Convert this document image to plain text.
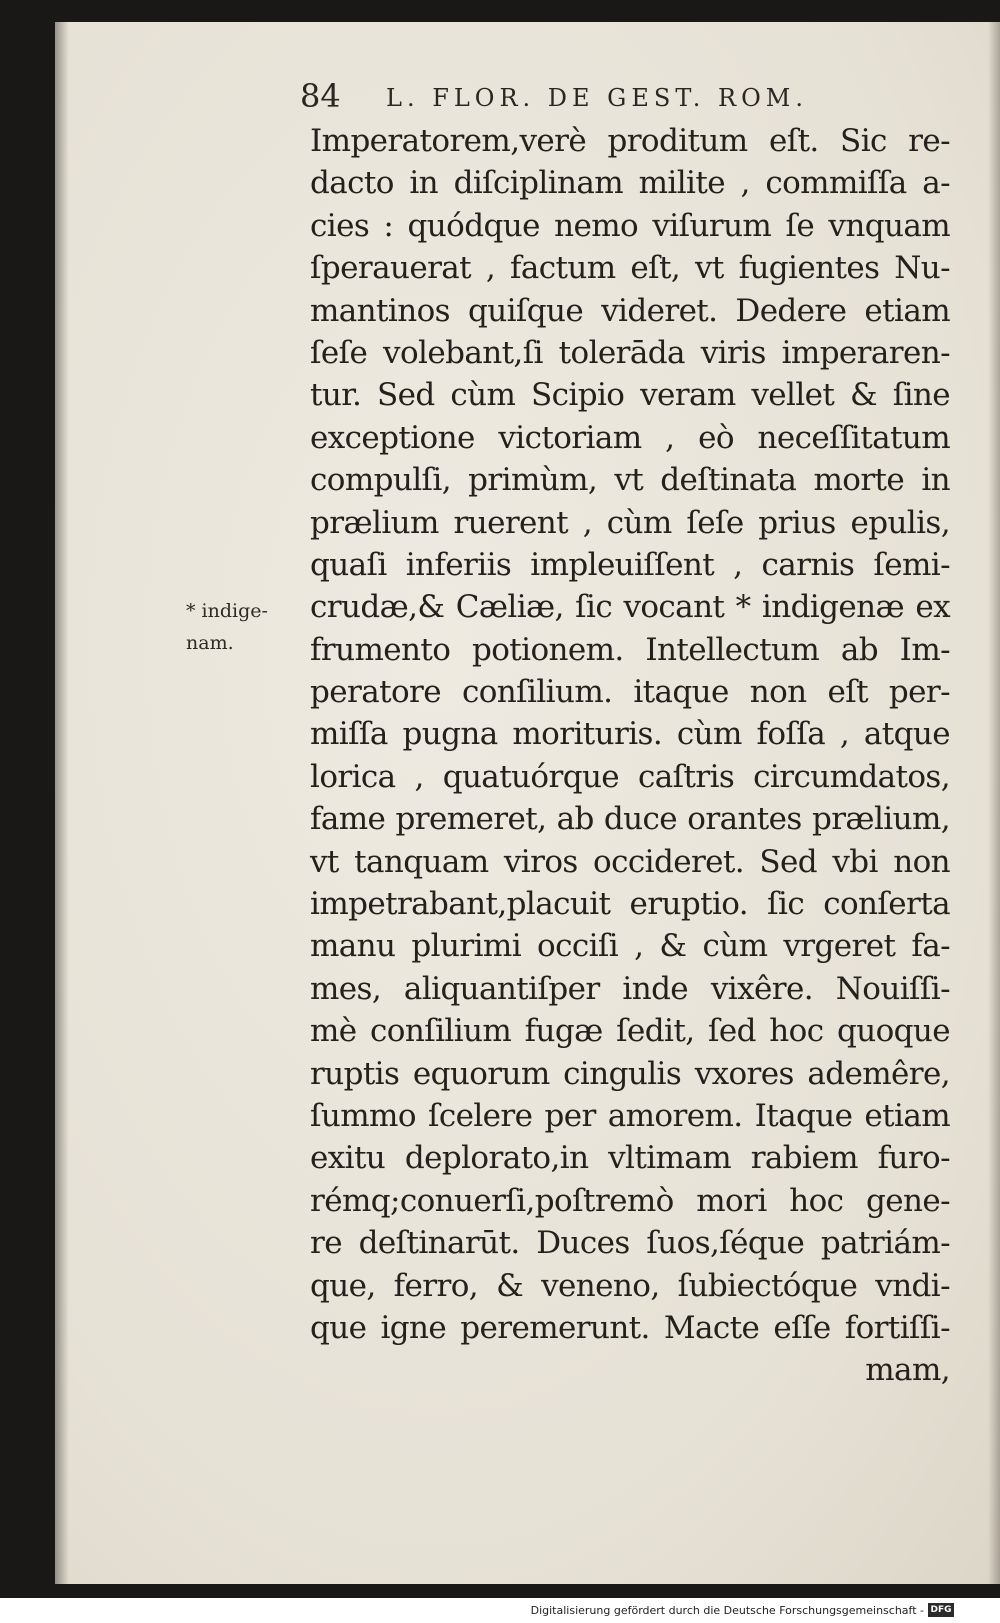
84 L. FLOR. DE GEST. ROM.
* indige-
nam.
Imperatorem,verè proditum eſt. Sic re-
dacto in diſciplinam milite , commiſſa a-
cies : quódque nemo viſurum ſe vnquam
ſperauerat , factum eſt, vt fugientes Nu-
mantinos quiſque videret. Dedere etiam
ſeſe volebant,ſi tolerāda viris imperaren-
tur. Sed cùm Scipio veram vellet & ſine
exceptione victoriam , eò neceſſitatum
compulſi, primùm, vt deſtinata morte in
prælium ruerent , cùm ſeſe prius epulis,
quaſi inferiis impleuiſſent , carnis ſemi-
crudæ,& Cæliæ, ſic vocant * indigenæ ex
frumento potionem. Intellectum ab Im-
peratore conſilium. itaque non eſt per-
miſſa pugna morituris. cùm foſſa , atque
lorica , quatuórque caſtris circumdatos,
fame premeret, ab duce orantes prælium,
vt tanquam viros occideret. Sed vbi non
impetrabant,placuit eruptio. ſic conſerta
manu plurimi occiſi , & cùm vrgeret fa-
mes, aliquantiſper inde vixêre. Nouiſſi-
mè conſilium fugæ ſedit, ſed hoc quoque
ruptis equorum cingulis vxores ademêre,
ſummo ſcelere per amorem. Itaque etiam
exitu deplorato,in vltimam rabiem furo-
rémq;conuerſi,poſtremò mori hoc gene-
re deſtinarūt. Duces ſuos,ſéque patriám-
que, ferro, & veneno, ſubiectóque vndi-
que igne peremerunt. Macte eſſe fortiſſi-
mam,
Digitalisierung gefördert durch die Deutsche Forschungsgemeinschaft - DFG
